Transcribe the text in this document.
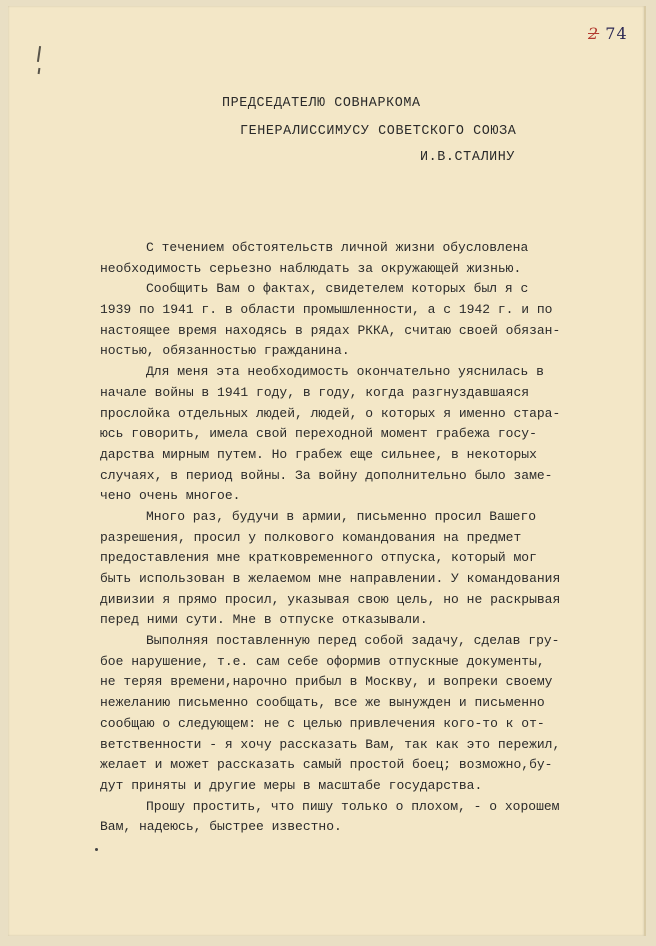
2 74
ПРЕДСЕДАТЕЛЮ СОВНАРКОМА
ГЕНЕРАЛИССИМУСУ СОВЕТСКОГО СОЮЗА
И.В.СТАЛИНУ
С течением обстоятельств личной жизни обусловлена
необходимость серьезно наблюдать за окружающей жизнью.
Сообщить Вам о фактах, свидетелем которых был я с
1939 по 1941 г. в области промышленности, а с 1942 г. и по
настоящее время находясь в рядах РККА, считаю своей обязан-
ностью, обязанностью гражданина.
Для меня эта необходимость окончательно уяснилась в
начале войны в 1941 году, в году, когда разгнуздавшаяся
прослойка отдельных людей, людей, о которых я именно стара-
юсь говорить, имела свой переходной момент грабежа госу-
дарства мирным путем. Но грабеж еще сильнее, в некоторых
случаях, в период войны. За войну дополнительно было заме-
чено очень многое.
Много раз, будучи в армии, письменно просил Вашего
разрешения, просил у полкового командования на предмет
предоставления мне кратковременного отпуска, который мог
быть использован в желаемом мне направлении. У командования
дивизии я прямо просил, указывая свою цель, но не раскрывая
перед ними сути. Мне в отпуске отказывали.
Выполняя поставленную перед собой задачу, сделав гру-
бое нарушение, т.е. сам себе оформив отпускные документы,
не теряя времени,нарочно прибыл в Москву, и вопреки своему
нежеланию письменно сообщать, все же вынужден и письменно
сообщаю о следующем: не с целью привлечения кого-то к от-
ветственности - я хочу рассказать Вам, так как это пережил,
желает и может рассказать самый простой боец; возможно,бу-
дут приняты и другие меры в масштабе государства.
Прошу простить, что пишу только о плохом, - о хорошем
Вам, надеюсь, быстрее известно.
